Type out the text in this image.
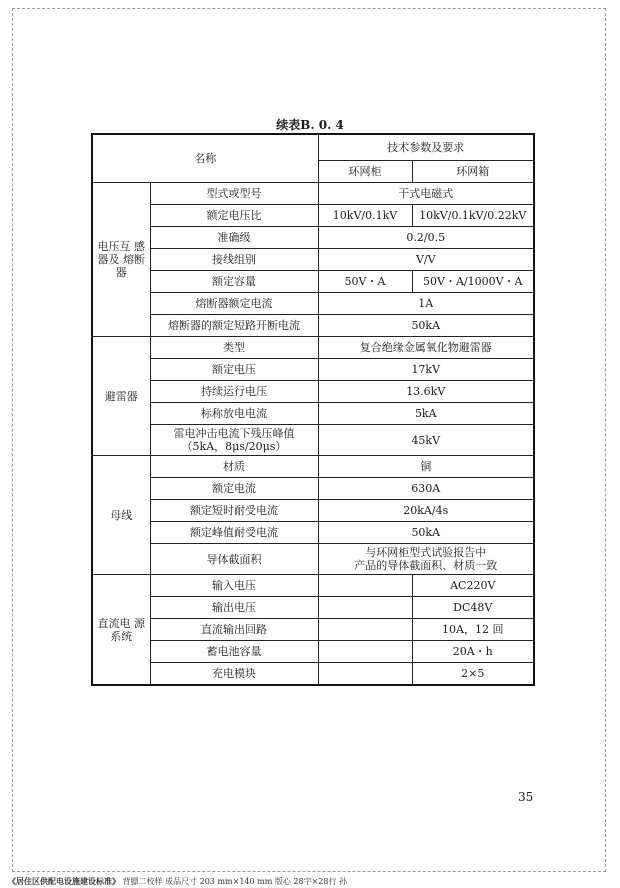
续表B. 0. 4
名称		技术参数及要求	
		环网柜	环网箱
电压互 感器及 熔断器	型式或型号	干式电磁式	
	额定电压比	10kV/0.1kV	10kV/0.1kV/0.22kV
	准确级	0.2/0.5	
	接线组别	V/V	
	额定容量	50V・A	50V・A/1000V・A
	熔断器额定电流	1A	
	熔断器的额定短路开断电流	50kA	
避雷器	类型	复合绝缘金属氧化物避雷器	
	额定电压	17kV	
	持续运行电压	13.6kV	
	标称放电电流	5kA	
	雷电冲击电流下残压峰值
（5kA，8μs/20μs）	45kV	
母线	材质	铜	
	额定电流	630A	
	额定短时耐受电流	20kA/4s	
	额定峰值耐受电流	50kA	
	导体截面积	与环网柜型式试验报告中
产品的导体截面积、材质一致	
直流电 源系统	输入电压		AC220V
	输出电压		DC48V
	直流输出回路		10A，12 回
	蓄电池容量		20A・h
	充电模块		2×5
35
《居住区供配电设施建设标准》 背膘二校样 成品尺寸 203 mm×140 mm 版心 28字×28行 孙
